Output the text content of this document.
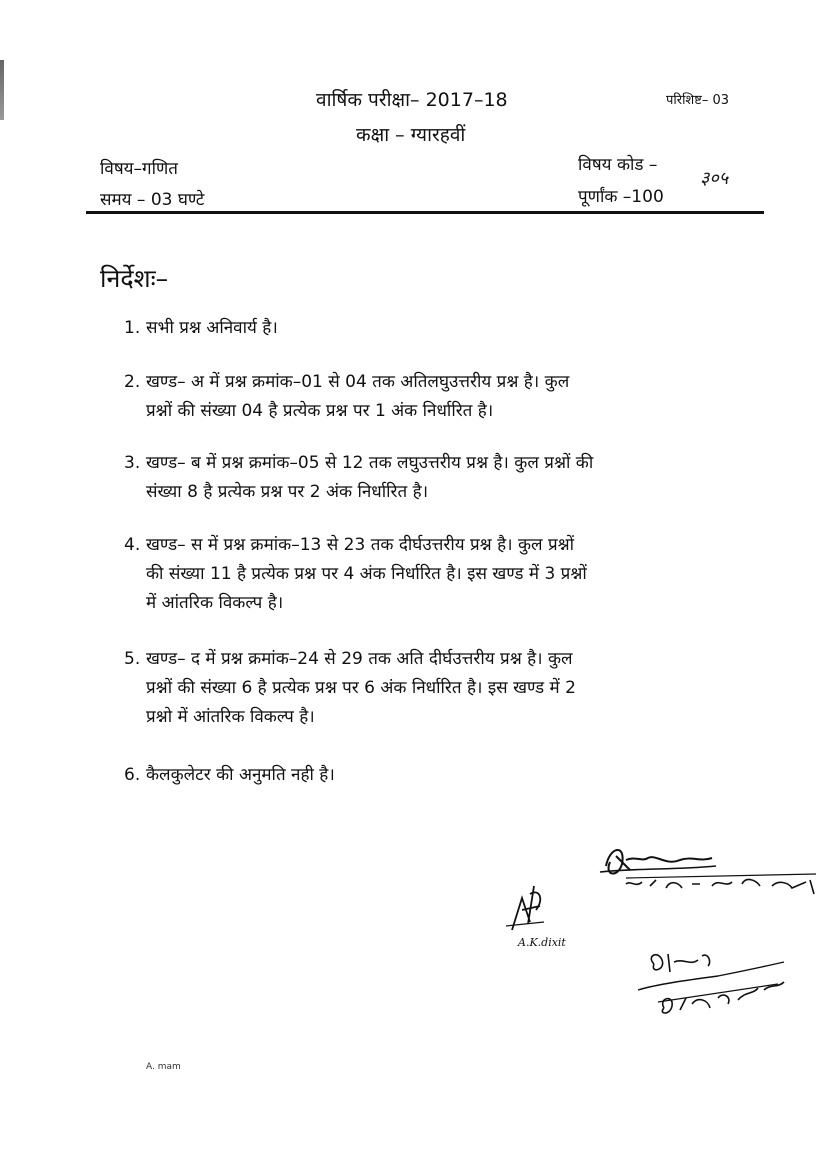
वार्षिक परीक्षा– 2017–18	परिशिष्ट– 03
कक्षा – ग्यारहवीं
विषय–गणित	विषय कोड –
३०५
समय – 03 घण्टे	पूर्णांक –100
निर्देशः–
1. सभी प्रश्न अनिवार्य है।
2. खण्ड– अ में प्रश्न क्रमांक–01 से 04 तक अतिलघुउत्तरीय प्रश्न है। कुल
प्रश्नों की संख्या 04 है प्रत्येक प्रश्न पर 1 अंक निर्धारित है।
3. खण्ड– ब में प्रश्न क्रमांक–05 से 12 तक लघुउत्तरीय प्रश्न है। कुल प्रश्नों की
संख्या 8 है प्रत्येक प्रश्न पर 2 अंक निर्धारित है।
4. खण्ड– स में प्रश्न क्रमांक–13 से 23 तक दीर्घउत्तरीय प्रश्न है। कुल प्रश्नों
की संख्या 11 है प्रत्येक प्रश्न पर 4 अंक निर्धारित है। इस खण्ड में 3 प्रश्नों
में आंतरिक विकल्प है।
5. खण्ड– द में प्रश्न क्रमांक–24 से 29 तक अति दीर्घउत्तरीय प्रश्न है। कुल
प्रश्नों की संख्या 6 है प्रत्येक प्रश्न पर 6 अंक निर्धारित है। इस खण्ड में 2
प्रश्नो में आंतरिक विकल्प है।
6. कैलकुलेटर की अनुमति नही है।
A.K.dixit
A. mam
